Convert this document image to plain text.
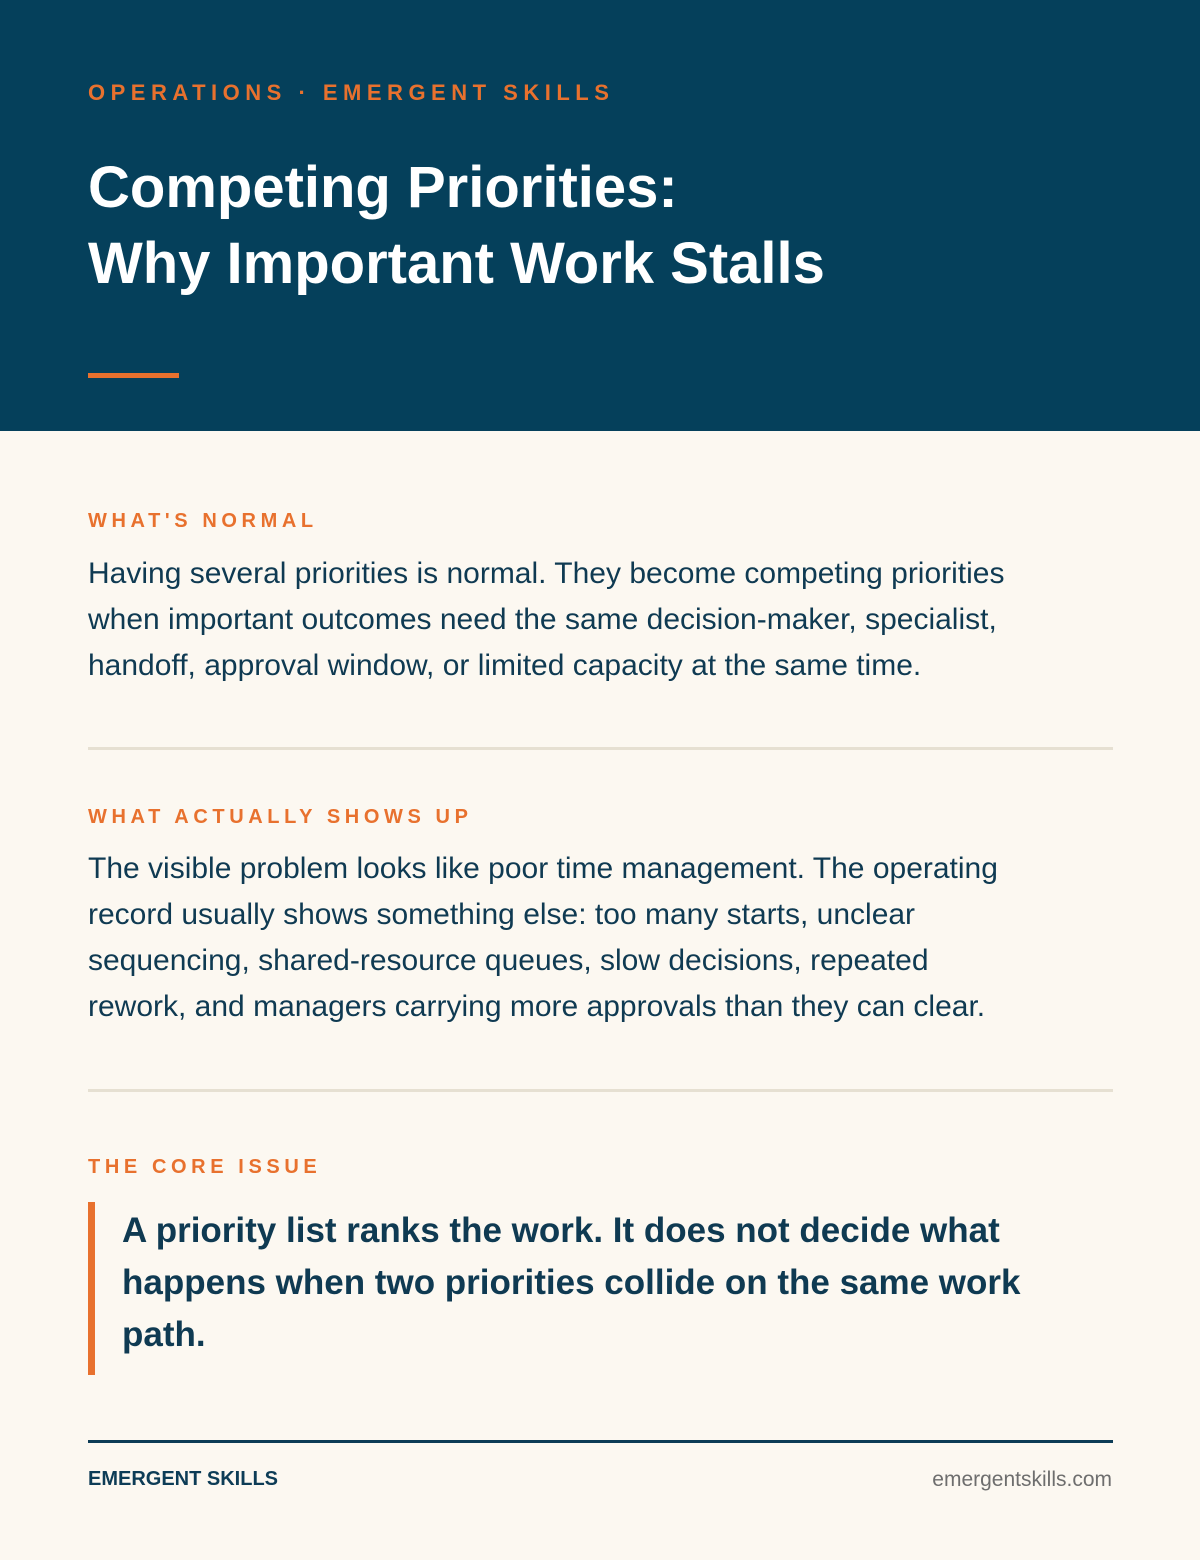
OPERATIONS · EMERGENT SKILLS
Competing Priorities:
Why Important Work Stalls
WHAT'S NORMAL

Having several priorities is normal. They become competing priorities
when important outcomes need the same decision-maker, specialist,
handoff, approval window, or limited capacity at the same time.

WHAT ACTUALLY SHOWS UP

The visible problem looks like poor time management. The operating
record usually shows something else: too many starts, unclear
sequencing, shared-resource queues, slow decisions, repeated
rework, and managers carrying more approvals than they can clear.

THE CORE ISSUE
A priority list ranks the work. It does not decide what
happens when two priorities collide on the same work
path.
EMERGENT SKILLS	emergentskills.com
